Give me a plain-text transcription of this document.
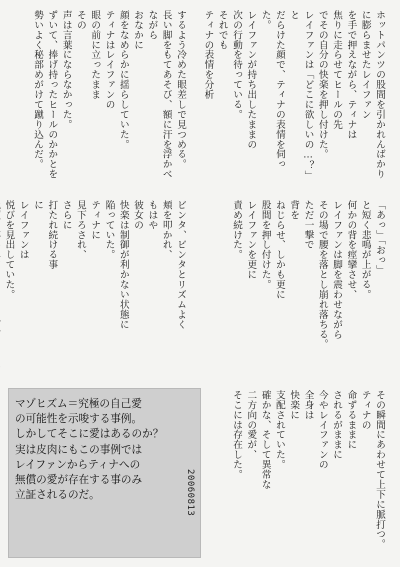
ホットパンツの股間を引かれんばかりに膨らませたレイファン
を手で押えながら、ティナは
焦りに走らせてヒールの先
でその自分の快楽を押し付けた。
レイファンは「どこに欲しいの…？」と
だらけた顔で、ティナの表情を伺った。
レイファンが持ち出したままの
次の行動を待っている。
それでも
ティナの表情を分析
するよう冷めた眼差しで見つめる。
長い脚をもてあそび、額に汗を浮かべながら
おなかに
顔をなめらかに揺らしていた。
ティナはレイファンの
眼の前に立ったまま
その
声は言葉にならなかった。
ずいて、捧げ持ったヒールのかかとを
勢いよく秘部めがけて蹴り込んだ。
「あっ」「おっ」
と短く悲鳴が上がる。
何かの背を痙攣させ、
レイファンは脚を震わせながら
その場で腰を落とし崩れ落ちる。
ただ一撃で
背を
ねじらせ、しかも更に
股間を押し付けた。
レイファンを更に
責め続けた。
ビンタ、ビンタとリズムよく
頬を叩かれ、
もはや
彼女の
快楽は制御が利かない状態に
陥っていた。
ティナに
見下ろされ、
さらに
打たれ続ける事
に
レイファンは
悦びを見出していた。

その瞬間にあわせて上下に脈打つ。
ティナの
命ずるままに
されるがままに
今やレイファンの
全身は
快楽に
支配されていた。
確かな、そして異常な
二方向の愛が、
そこには存在した。
マゾヒズム＝究極の自己愛
の可能性を示唆する事例。
しかしてそこに愛はあるのか？
実は皮肉にもこの事例では
レイファンからティナへの
無償の愛が存在する事のみ
立証されるのだ。	20060813
